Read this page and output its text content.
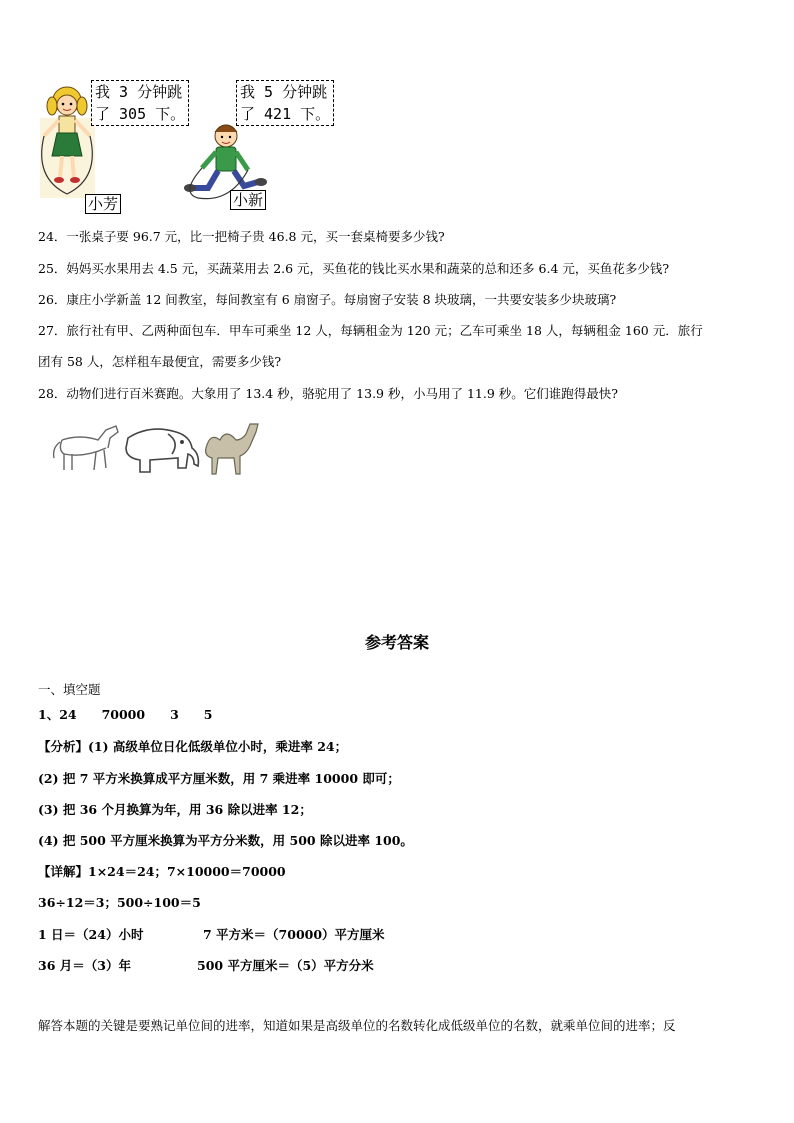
我 3 分钟跳
了 305 下。
我 5 分钟跳
了 421 下。
小芳	小新
24．一张桌子要 96.7 元，比一把椅子贵 46.8 元，买一套桌椅要多少钱?
25．妈妈买水果用去 4.5 元，买蔬菜用去 2.6 元，买鱼花的钱比买水果和蔬菜的总和还多 6.4 元，买鱼花多少钱?
26．康庄小学新盖 12 间教室，每间教室有 6 扇窗子。每扇窗子安装 8 块玻璃，一共要安装多少块玻璃?
27．旅行社有甲、乙两种面包车．甲车可乘坐 12 人，每辆租金为 120 元；乙车可乘坐 18 人，每辆租金 160 元．旅行
团有 58 人，怎样租车最便宜，需要多少钱?
28．动物们进行百米赛跑。大象用了 13.4 秒，骆驼用了 13.9 秒，小马用了 11.9 秒。它们谁跑得最快?
参考答案
一、填空题
1、24　　70000　　3　　5
【分析】(1) 高级单位日化低级单位小时，乘进率 24；
(2) 把 7 平方米换算成平方厘米数，用 7 乘进率 10000 即可；
(3) 把 36 个月换算为年，用 36 除以进率 12；
(4) 把 500 平方厘米换算为平方分米数，用 500 除以进率 100。
【详解】1×24＝24；7×10000＝70000
36÷12＝3；500÷100＝5
1 日＝（24）小时	7 平方米＝（70000）平方厘米
36 月＝（3）年	500 平方厘米＝（5）平方分米
解答本题的关键是要熟记单位间的进率，知道如果是高级单位的名数转化成低级单位的名数，就乘单位间的进率；反
